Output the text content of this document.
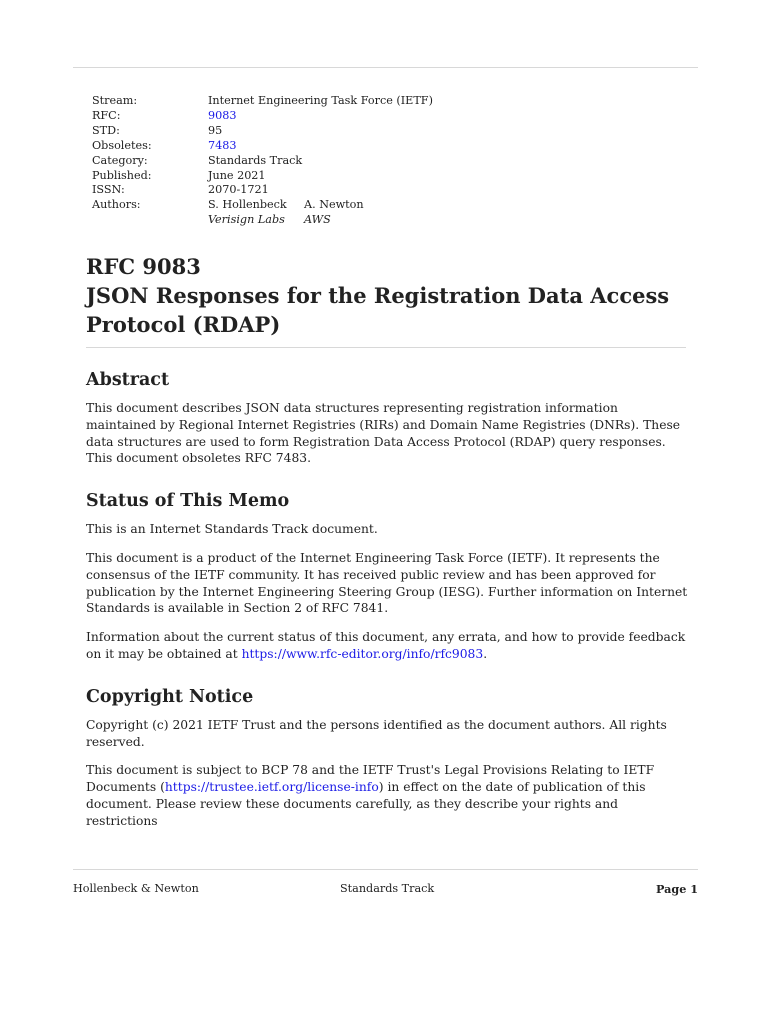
Stream:	Internet Engineering Task Force (IETF)
RFC:	9083
STD:	95
Obsoletes:	7483
Category:	Standards Track
Published:	June 2021
ISSN:	2070-1721
Authors:	S. Hollenbeck A. Newton
Verisign Labs AWS
RFC 9083
JSON Responses for the Registration Data Access
Protocol (RDAP)
Abstract

This document describes JSON data structures representing registration information maintained by Regional Internet Registries (RIRs) and Domain Name Registries (DNRs). These data structures are used to form Registration Data Access Protocol (RDAP) query responses. This document obsoletes RFC 7483.

Status of This Memo

This is an Internet Standards Track document.

This document is a product of the Internet Engineering Task Force (IETF). It represents the consensus of the IETF community. It has received public review and has been approved for publication by the Internet Engineering Steering Group (IESG). Further information on Internet Standards is available in Section 2 of RFC 7841.

Information about the current status of this document, any errata, and how to provide feedback on it may be obtained at https://www.rfc-editor.org/info/rfc9083.

Copyright Notice

Copyright (c) 2021 IETF Trust and the persons identified as the document authors. All rights reserved.

This document is subject to BCP 78 and the IETF Trust's Legal Provisions Relating to IETF Documents (https://trustee.ietf.org/license-info) in effect on the date of publication of this document. Please review these documents carefully, as they describe your rights and restrictions

Hollenbeck & Newton	Standards Track	Page 1
